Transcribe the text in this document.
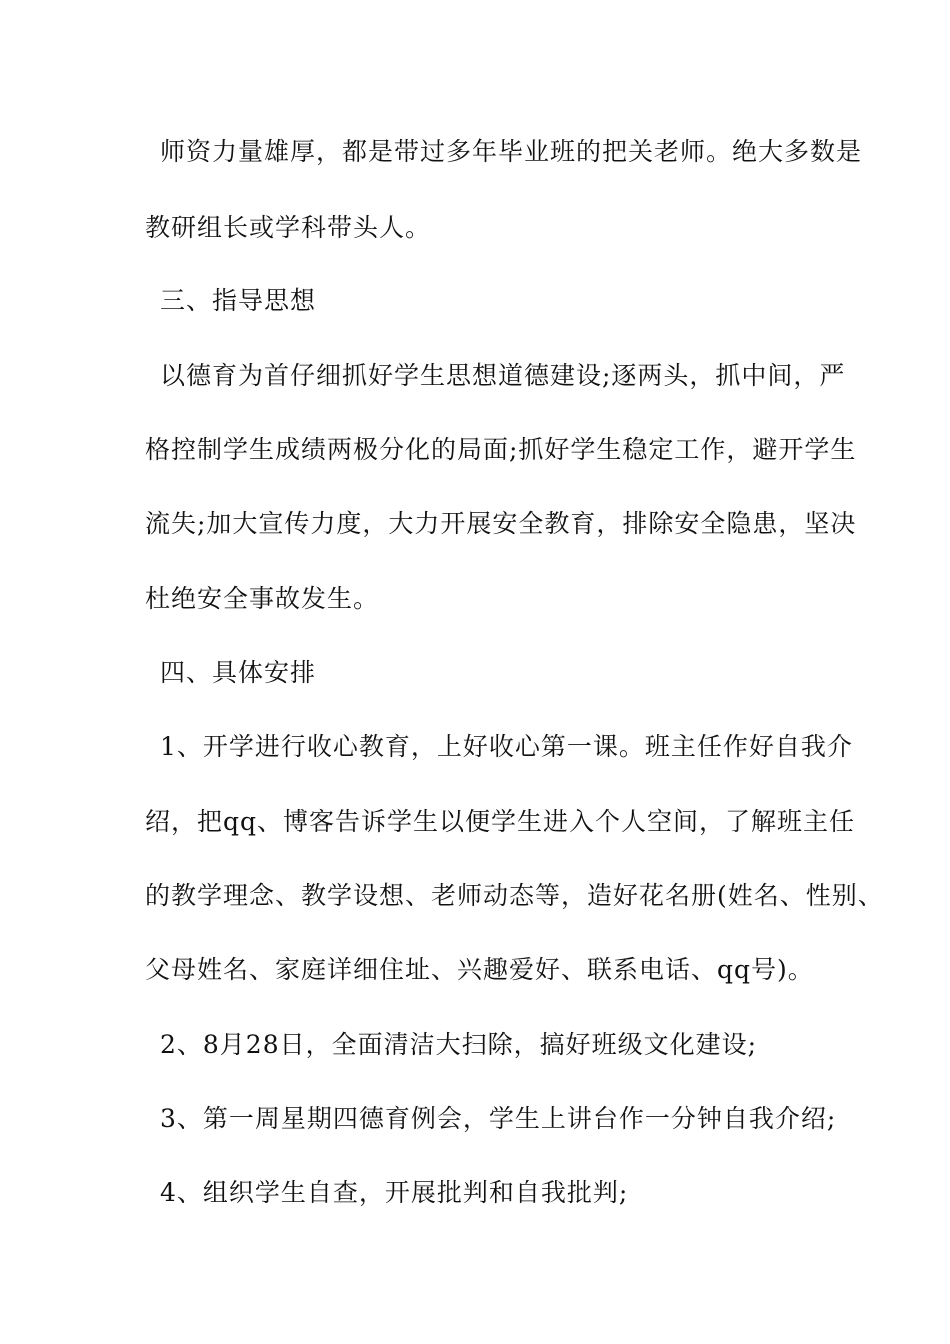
师资力量雄厚，都是带过多年毕业班的把关老师。绝大多数是
教研组长或学科带头人。
三、指导思想
以德育为首仔细抓好学生思想道德建设;逐两头，抓中间，严
格控制学生成绩两极分化的局面;抓好学生稳定工作，避开学生
流失;加大宣传力度，大力开展安全教育，排除安全隐患，坚决
杜绝安全事故发生。
四、具体安排
1、开学进行收心教育，上好收心第一课。班主任作好自我介
绍，把qq、博客告诉学生以便学生进入个人空间，了解班主任
的教学理念、教学设想、老师动态等，造好花名册(姓名、性别、
父母姓名、家庭详细住址、兴趣爱好、联系电话、qq号)。
2、8月28日，全面清洁大扫除，搞好班级文化建设;
3、第一周星期四德育例会，学生上讲台作一分钟自我介绍;
4、组织学生自查，开展批判和自我批判;
